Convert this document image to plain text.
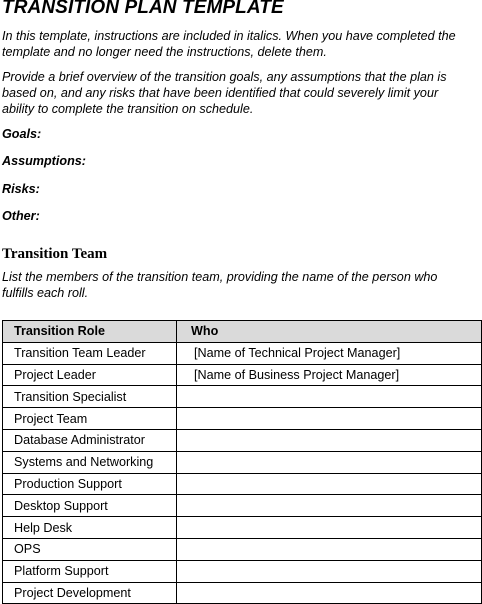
TRANSITION PLAN TEMPLATE
In this template, instructions are included in italics. When you have completed the template and no longer need the instructions, delete them.
Provide a brief overview of the transition goals, any assumptions that the plan is based on, and any risks that have been identified that could severely limit your ability to complete the transition on schedule.
Goals:
Assumptions:
Risks:
Other:
Transition Team
List the members of the transition team, providing the name of the person who fulfills each roll.
Transition Role	Who
Transition Team Leader	[Name of Technical Project Manager]
Project Leader	[Name of Business Project Manager]
Transition Specialist	
Project Team	
Database Administrator	
Systems and Networking	
Production Support	
Desktop Support	
Help Desk	
OPS	
Platform Support	
Project Development	
